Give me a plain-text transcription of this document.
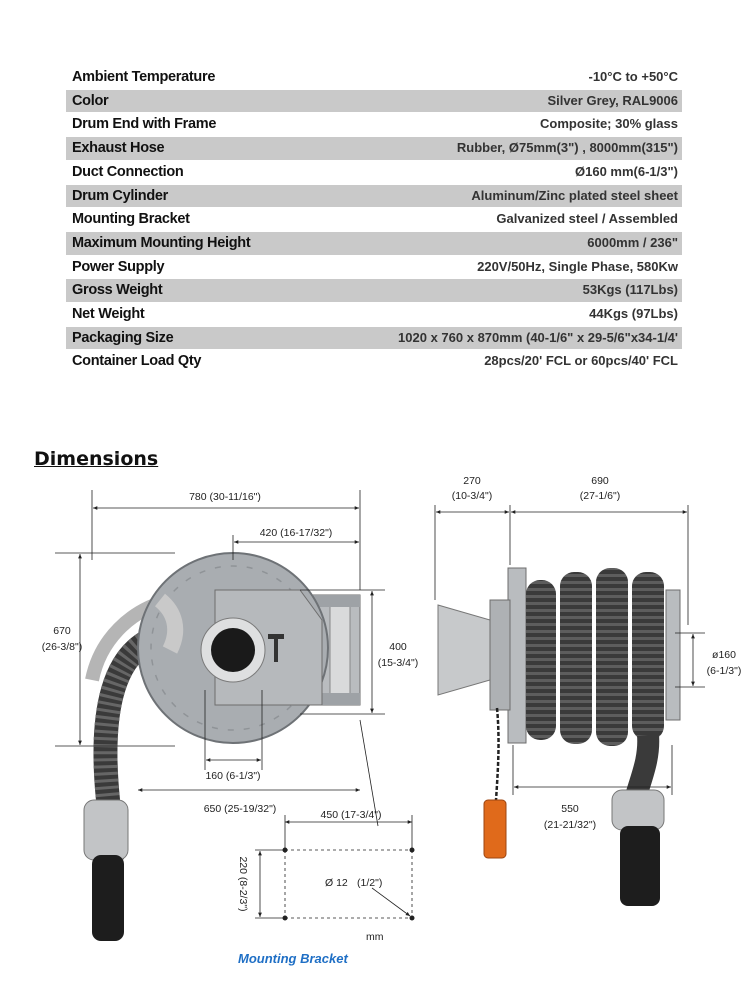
Ambient Temperature	-10°C to +50°C
Color	Silver Grey, RAL9006
Drum End with Frame	Composite; 30% glass
Exhaust Hose	Rubber, Ø75mm(3") , 8000mm(315")
Duct Connection	Ø160 mm(6-1/3")
Drum Cylinder	Aluminum/Zinc plated steel sheet
Mounting Bracket	Galvanized steel / Assembled
Maximum Mounting Height	6000mm / 236"
Power Supply	220V/50Hz, Single Phase, 580Kw
Gross Weight	53Kgs (117Lbs)
Net Weight	44Kgs (97Lbs)
Packaging Size	1020 x 760 x 870mm (40-1/6" x 29-5/6"x34-1/4'
Container Load Qty	28pcs/20' FCL or 60pcs/40' FCL
Dimensions
780 (30-11/16")
420 (16-17/32")
670
(26-3/8")	400
(15-3/4")
160 (6-1/3")
650 (25-19/32")	450 (17-3/4")
220 (8-2/3")	Ø 12 (1/2")
mm
Mounting Bracket
270
(10-3/4")
690
(27-1/6")
ø160
(6-1/3")
550
(21-21/32")
